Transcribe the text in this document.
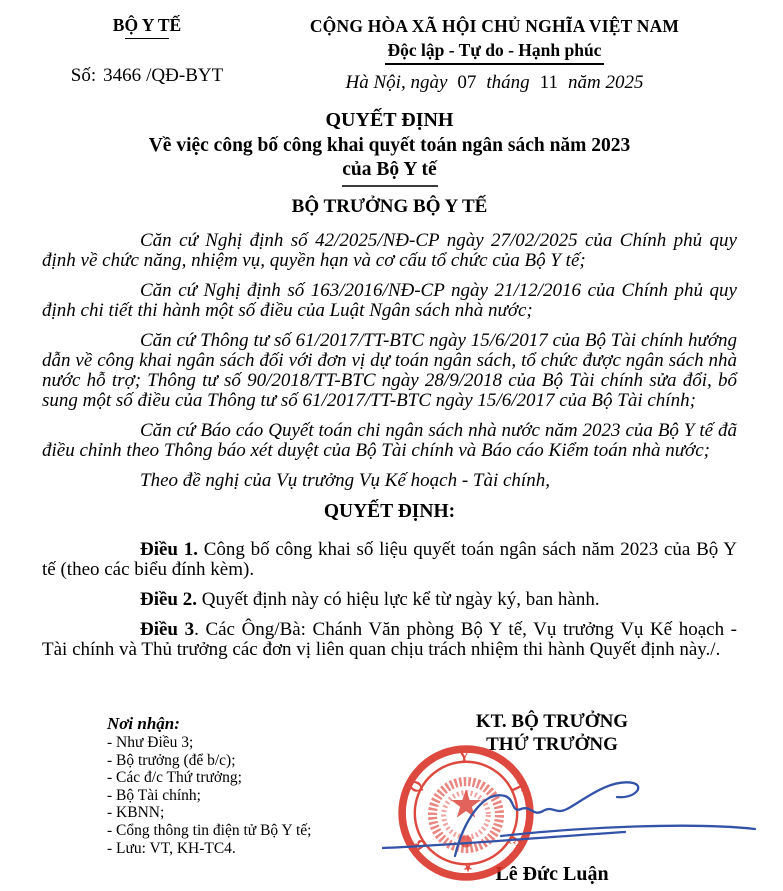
BỘ Y TẾ
Số: 3466 /QĐ-BYT
CỘNG HÒA XÃ HỘI CHỦ NGHĨA VIỆT NAM
Độc lập - Tự do - Hạnh phúc
Hà Nội, ngày 07 tháng 11 năm 2025
QUYẾT ĐỊNH
Về việc công bố công khai quyết toán ngân sách năm 2023
của Bộ Y tế
BỘ TRƯỞNG BỘ Y TẾ

Căn cứ Nghị định số 42/2025/NĐ-CP ngày 27/02/2025 của Chính phủ quy định về chức năng, nhiệm vụ, quyền hạn và cơ cấu tổ chức của Bộ Y tế;

Căn cứ Nghị định số 163/2016/NĐ-CP ngày 21/12/2016 của Chính phủ quy định chi tiết thi hành một số điều của Luật Ngân sách nhà nước;

Căn cứ Thông tư số 61/2017/TT-BTC ngày 15/6/2017 của Bộ Tài chính hướng dẫn về công khai ngân sách đối với đơn vị dự toán ngân sách, tổ chức được ngân sách nhà nước hỗ trợ; Thông tư số 90/2018/TT-BTC ngày 28/9/2018 của Bộ Tài chính sửa đổi, bổ sung một số điều của Thông tư số 61/2017/TT-BTC ngày 15/6/2017 của Bộ Tài chính;

Căn cứ Báo cáo Quyết toán chi ngân sách nhà nước năm 2023 của Bộ Y tế đã điều chỉnh theo Thông báo xét duyệt của Bộ Tài chính và Báo cáo Kiểm toán nhà nước;

Theo đề nghị của Vụ trưởng Vụ Kế hoạch - Tài chính,

QUYẾT ĐỊNH:

Điều 1. Công bố công khai số liệu quyết toán ngân sách năm 2023 của Bộ Y tế (theo các biểu đính kèm).

Điều 2. Quyết định này có hiệu lực kể từ ngày ký, ban hành.

Điều 3. Các Ông/Bà: Chánh Văn phòng Bộ Y tế, Vụ trưởng Vụ Kế hoạch - Tài chính và Thủ trưởng các đơn vị liên quan chịu trách nhiệm thi hành Quyết định này./.

Nơi nhận:
- Như Điều 3;
- Bộ trưởng (để b/c);
- Các đ/c Thứ trưởng;
- Bộ Tài chính;
- KBNN;
- Cổng thông tin điện tử Bộ Y tế;
- Lưu: VT, KH-TC4.
KT. BỘ TRƯỞNG
THỨ TRƯỞNG
Lê Đức Luận
B
Ộ
Y
T
Ế
★
